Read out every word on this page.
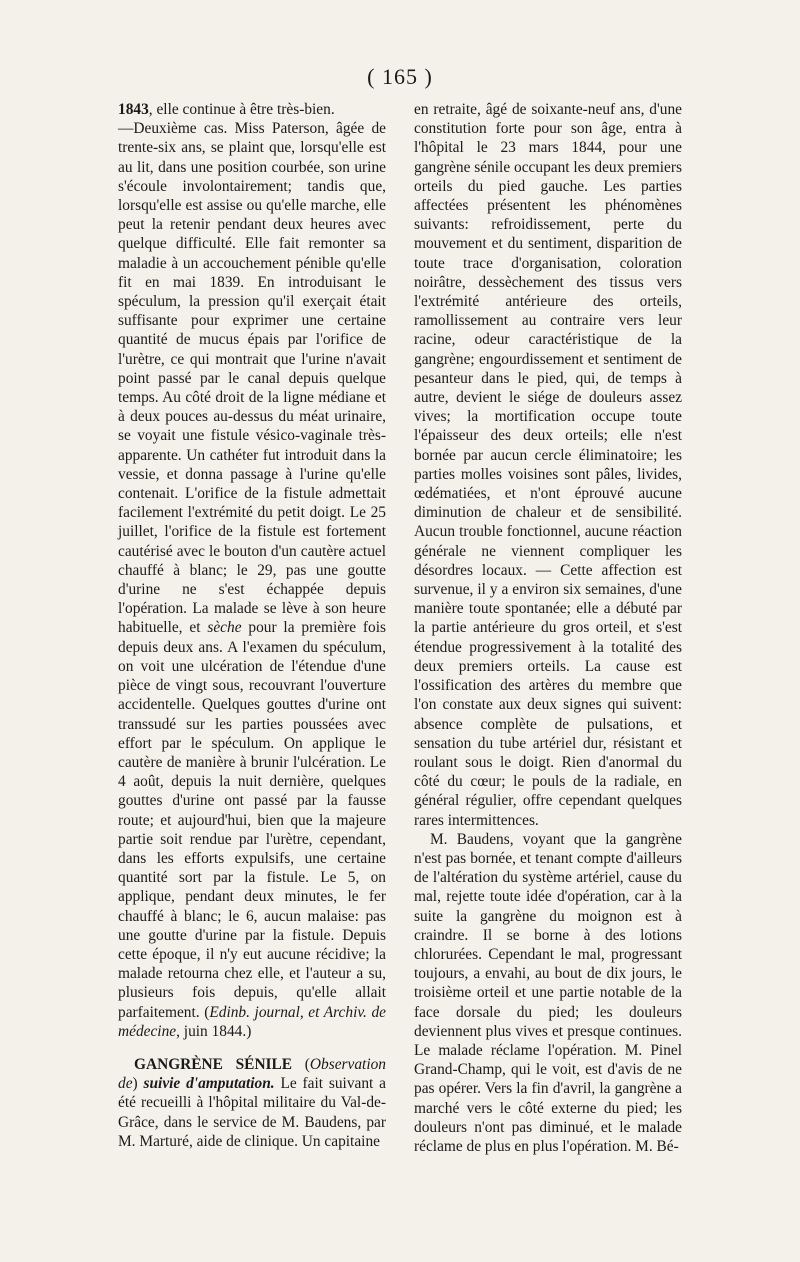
( 165 )

1843, elle continue à être très-bien.

—Deuxième cas. Miss Paterson, âgée de trente-six ans, se plaint que, lorsqu'elle est au lit, dans une position courbée, son urine s'écoule involontairement; tandis que, lorsqu'elle est assise ou qu'elle marche, elle peut la retenir pendant deux heures avec quelque difficulté. Elle fait remonter sa maladie à un accouchement pénible qu'elle fit en mai 1839. En introduisant le spéculum, la pression qu'il exerçait était suffisante pour exprimer une certaine quantité de mucus épais par l'orifice de l'urètre, ce qui montrait que l'urine n'avait point passé par le canal depuis quelque temps. Au côté droit de la ligne médiane et à deux pouces au-dessus du méat urinaire, se voyait une fistule vésico-vaginale très-apparente. Un cathéter fut introduit dans la vessie, et donna passage à l'urine qu'elle contenait. L'orifice de la fistule admettait facilement l'extrémité du petit doigt. Le 25 juillet, l'orifice de la fistule est fortement cautérisé avec le bouton d'un cautère actuel chauffé à blanc; le 29, pas une goutte d'urine ne s'est échappée depuis l'opération. La malade se lève à son heure habituelle, et sèche pour la première fois depuis deux ans. A l'examen du spéculum, on voit une ulcération de l'étendue d'une pièce de vingt sous, recouvrant l'ouverture accidentelle. Quelques gouttes d'urine ont transsudé sur les parties poussées avec effort par le spéculum. On applique le cautère de manière à brunir l'ulcération. Le 4 août, depuis la nuit dernière, quelques gouttes d'urine ont passé par la fausse route; et aujourd'hui, bien que la majeure partie soit rendue par l'urètre, cependant, dans les efforts expulsifs, une certaine quantité sort par la fistule. Le 5, on applique, pendant deux minutes, le fer chauffé à blanc; le 6, aucun malaise: pas une goutte d'urine par la fistule. Depuis cette époque, il n'y eut aucune récidive; la malade retourna chez elle, et l'auteur a su, plusieurs fois depuis, qu'elle allait parfaitement. (Edinb. journal, et Archiv. de médecine, juin 1844.)

GANGRÈNE SÉNILE (Observation de) suivie d'amputation. Le fait suivant a été recueilli à l'hôpital militaire du Val-de-Grâce, dans le service de M. Baudens, par M. Marturé, aide de clinique. Un capitaine

en retraite, âgé de soixante-neuf ans, d'une constitution forte pour son âge, entra à l'hôpital le 23 mars 1844, pour une gangrène sénile occupant les deux premiers orteils du pied gauche. Les parties affectées présentent les phénomènes suivants: refroidissement, perte du mouvement et du sentiment, disparition de toute trace d'organisation, coloration noirâtre, dessèchement des tissus vers l'extrémité antérieure des orteils, ramollissement au contraire vers leur racine, odeur caractéristique de la gangrène; engourdissement et sentiment de pesanteur dans le pied, qui, de temps à autre, devient le siége de douleurs assez vives; la mortification occupe toute l'épaisseur des deux orteils; elle n'est bornée par aucun cercle éliminatoire; les parties molles voisines sont pâles, livides, œdématiées, et n'ont éprouvé aucune diminution de chaleur et de sensibilité. Aucun trouble fonctionnel, aucune réaction générale ne viennent compliquer les désordres locaux. — Cette affection est survenue, il y a environ six semaines, d'une manière toute spontanée; elle a débuté par la partie antérieure du gros orteil, et s'est étendue progressivement à la totalité des deux premiers orteils. La cause est l'ossification des artères du membre que l'on constate aux deux signes qui suivent: absence complète de pulsations, et sensation du tube artériel dur, résistant et roulant sous le doigt. Rien d'anormal du côté du cœur; le pouls de la radiale, en général régulier, offre cependant quelques rares intermittences.

M. Baudens, voyant que la gangrène n'est pas bornée, et tenant compte d'ailleurs de l'altération du système artériel, cause du mal, rejette toute idée d'opération, car à la suite la gangrène du moignon est à craindre. Il se borne à des lotions chlorurées. Cependant le mal, progressant toujours, a envahi, au bout de dix jours, le troisième orteil et une partie notable de la face dorsale du pied; les douleurs deviennent plus vives et presque continues. Le malade réclame l'opération. M. Pinel Grand-Champ, qui le voit, est d'avis de ne pas opérer. Vers la fin d'avril, la gangrène a marché vers le côté externe du pied; les douleurs n'ont pas diminué, et le malade réclame de plus en plus l'opération. M. Bé-
